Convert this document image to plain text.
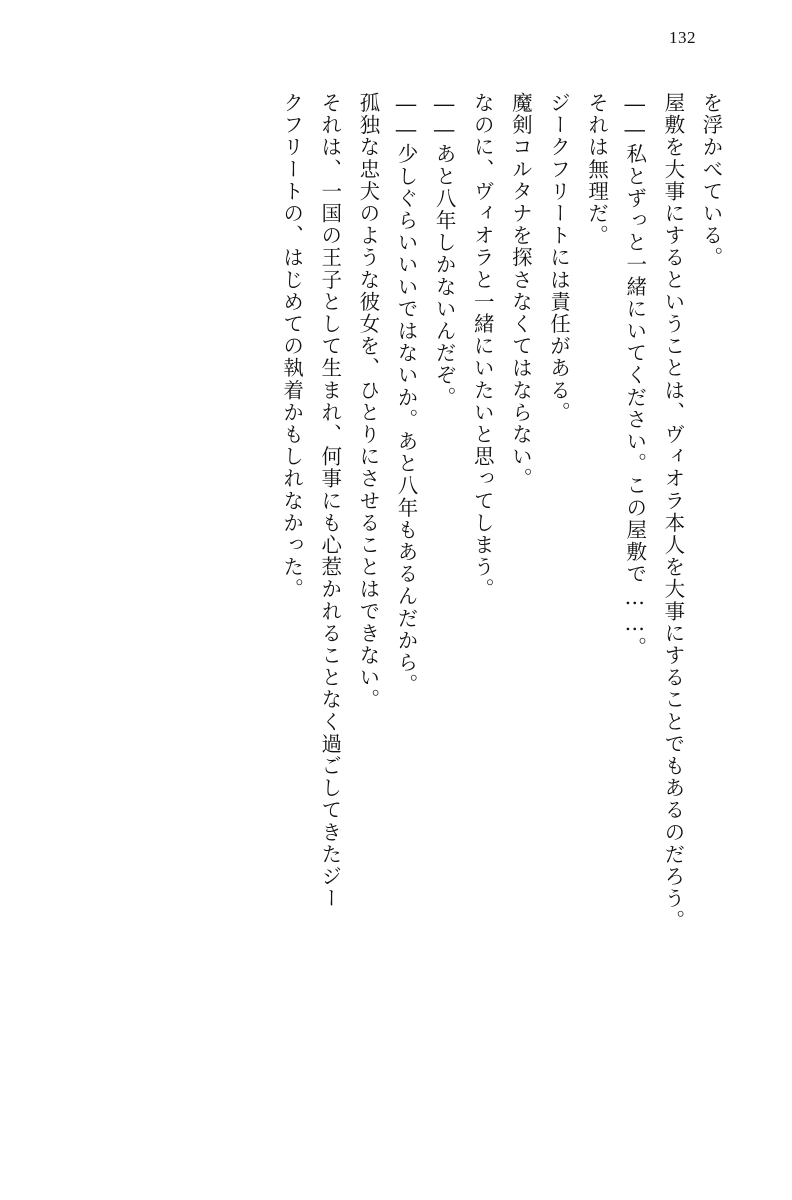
132

を浮かべている。

屋敷を大事にするということは、ヴィオラ本人を大事にすることでもあるのだろう。

――私とずっと一緒にいてください。この屋敷で……。

それは無理だ。

ジークフリートには責任がある。

魔剣コルタナを探さなくてはならない。

なのに、ヴィオラと一緒にいたいと思ってしまう。

――あと八年しかないんだぞ。

――少しぐらいいいではないか。あと八年もあるんだから。

孤独な忠犬のような彼女を、ひとりにさせることはできない。

それは、一国の王子として生まれ、何事にも心惹かれることなく過ごしてきたジー

クフリートの、はじめての執着かもしれなかった。
